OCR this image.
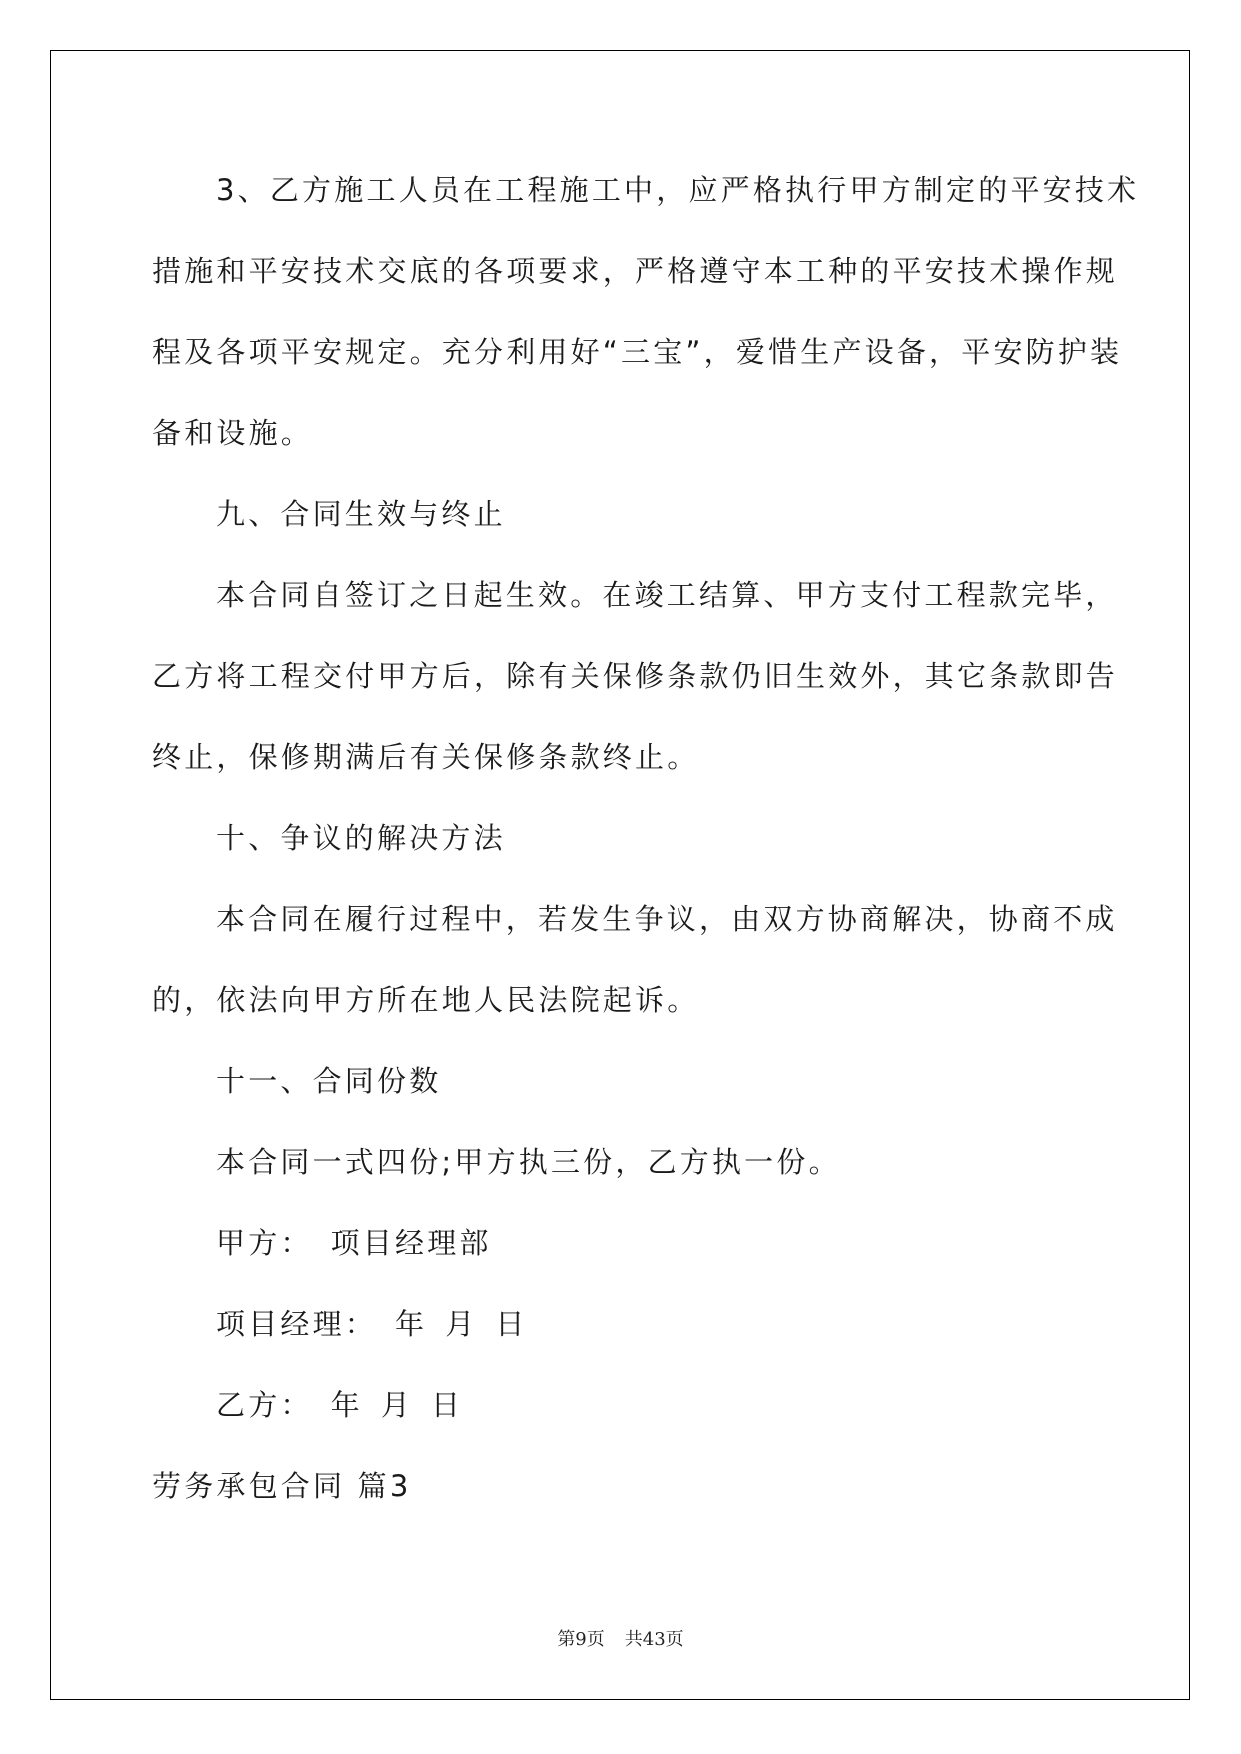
3、乙方施工人员在工程施工中，应严格执行甲方制定的平安技术
措施和平安技术交底的各项要求，严格遵守本工种的平安技术操作规
程及各项平安规定。充分利用好“三宝”，爱惜生产设备，平安防护装
备和设施。
九、合同生效与终止
本合同自签订之日起生效。在竣工结算、甲方支付工程款完毕，
乙方将工程交付甲方后，除有关保修条款仍旧生效外，其它条款即告
终止，保修期满后有关保修条款终止。
十、争议的解决方法
本合同在履行过程中，若发生争议，由双方协商解决，协商不成
的，依法向甲方所在地人民法院起诉。
十一、合同份数
本合同一式四份;甲方执三份，乙方执一份。
甲方： 项目经理部
项目经理： 年 月 日
乙方： 年 月 日
劳务承包合同 篇3
第9页 共43页
